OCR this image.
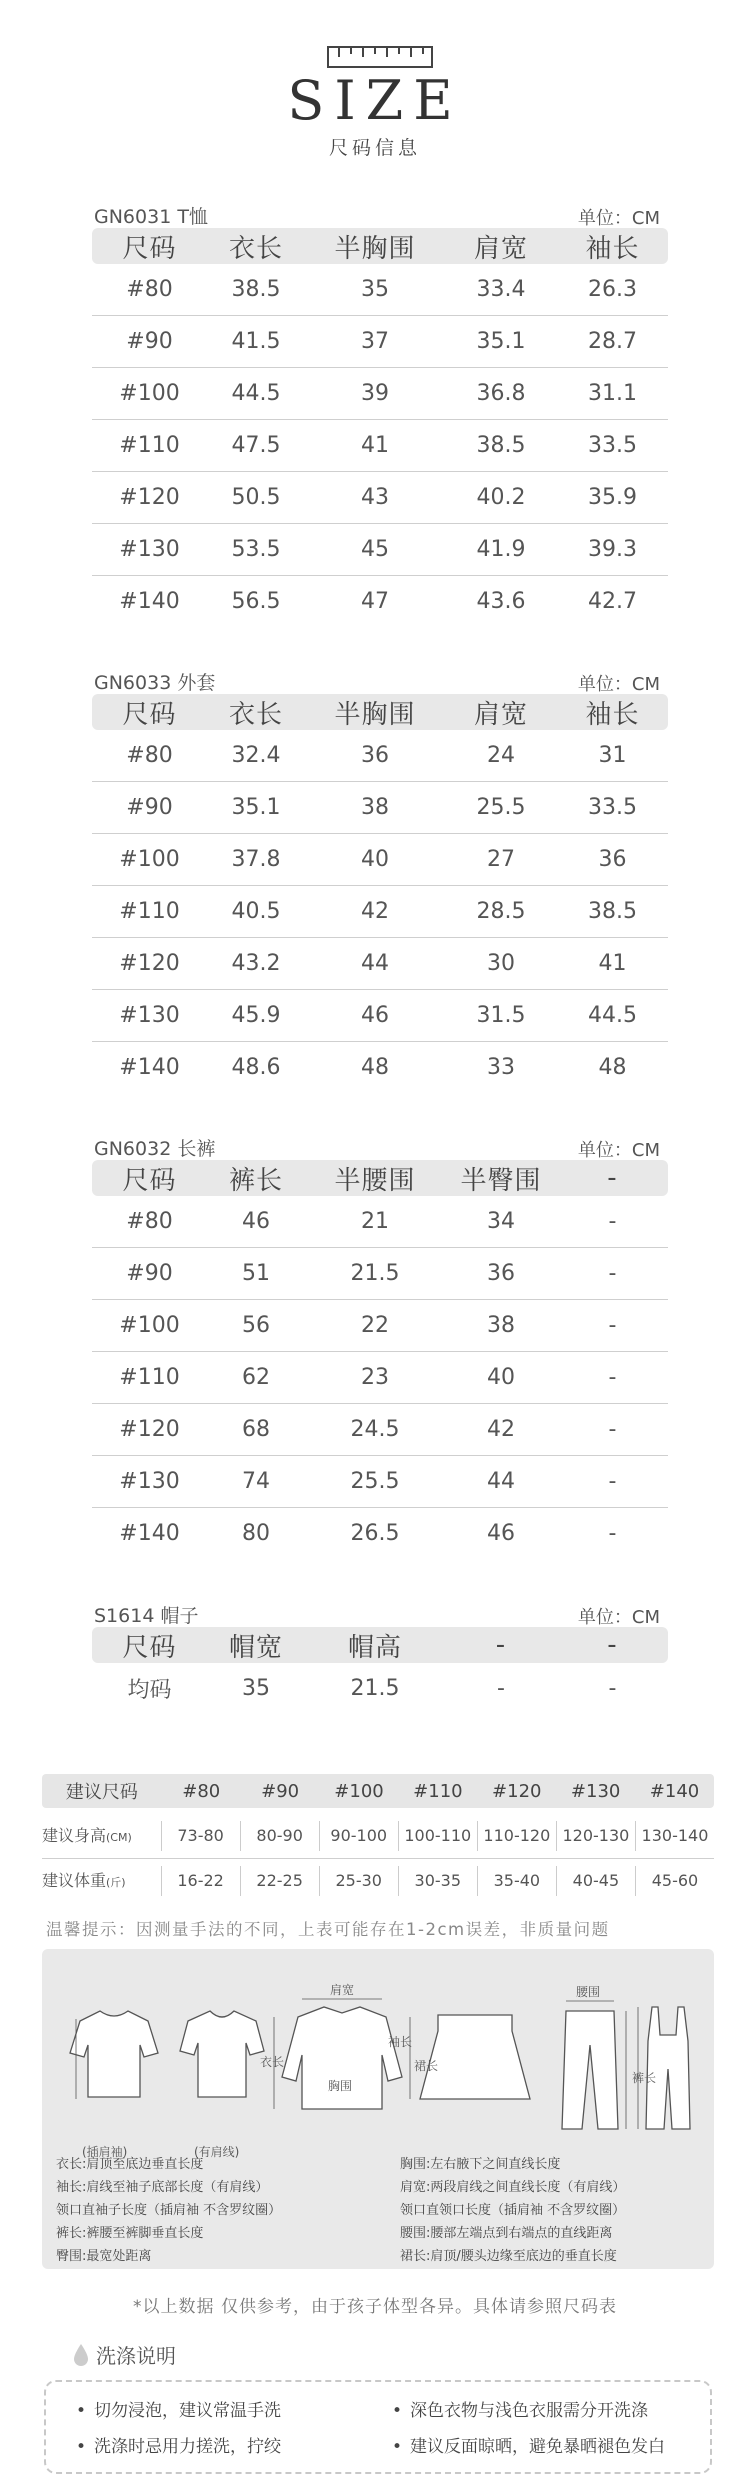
SIZE
尺码信息
GN6031 T恤	单位：CM
尺码	衣长	半胸围	肩宽	袖长
#80	38.5	35	33.4	26.3
#90	41.5	37	35.1	28.7
#100	44.5	39	36.8	31.1
#110	47.5	41	38.5	33.5
#120	50.5	43	40.2	35.9
#130	53.5	45	41.9	39.3
#140	56.5	47	43.6	42.7
GN6033 外套	单位：CM
尺码	衣长	半胸围	肩宽	袖长
#80	32.4	36	24	31
#90	35.1	38	25.5	33.5
#100	37.8	40	27	36
#110	40.5	42	28.5	38.5
#120	43.2	44	30	41
#130	45.9	46	31.5	44.5
#140	48.6	48	33	48
GN6032 长裤	单位：CM
尺码	裤长	半腰围	半臀围	-
#80	46	21	34	-
#90	51	21.5	36	-
#100	56	22	38	-
#110	62	23	40	-
#120	68	24.5	42	-
#130	74	25.5	44	-
#140	80	26.5	46	-
S1614 帽子	单位：CM
尺码	帽宽	帽高	-	-
均码	35	21.5	-	-
建议尺码	#80	#90	#100	#110	#120	#130	#140
建议身高(CM)	73-80	80-90	90-100	100-110 110-120 120-130 130-140
建议体重(斤)	16-22	22-25	25-30	30-35	35-40	40-45	45-60
温馨提示：因测量手法的不同，上表可能存在1-2cm误差，非质量问题
(插肩袖)	(有肩线)
衣长
胸围
肩宽
袖长
裙长
腰围
裤长
衣长:肩顶至底边垂直长度
袖长:肩线至袖子底部长度（有肩线）
领口直袖子长度（插肩袖 不含罗纹圈）
裤长:裤腰至裤脚垂直长度
臀围:最宽处距离
胸围:左右腋下之间直线长度
肩宽:两段肩线之间直线长度（有肩线）
领口直领口长度（插肩袖 不含罗纹圈）
腰围:腰部左端点到右端点的直线距离
裙长:肩顶/腰头边缘至底边的垂直长度
*以上数据 仅供参考，由于孩子体型各异。具体请参照尺码表
洗涤说明
• 切勿浸泡，建议常温手洗	• 深色衣物与浅色衣服需分开洗涤
• 洗涤时忌用力搓洗，拧绞	• 建议反面晾晒，避免暴晒褪色发白
